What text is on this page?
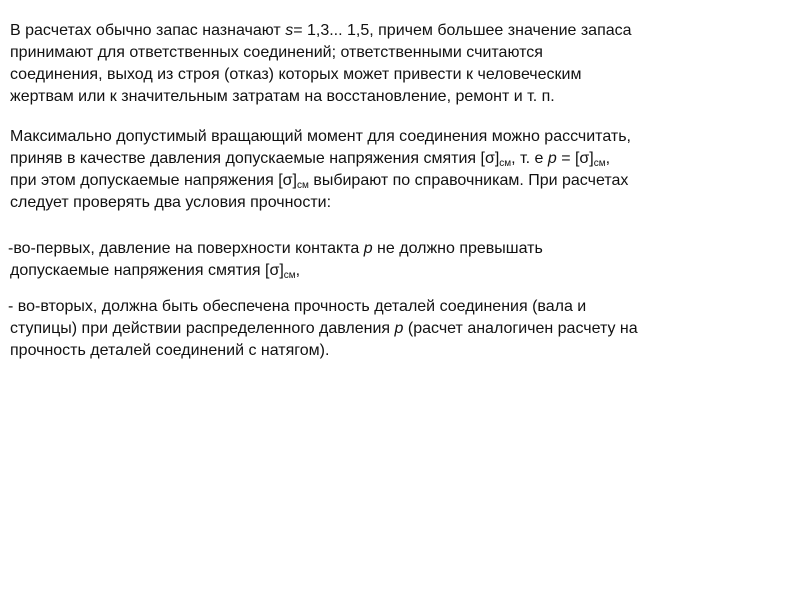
В расчетах обычно запас назначают s= 1,3... 1,5, причем большее значение запаса
принимают для ответственных соединений; ответственными считаются
соединения, выход из строя (отказ) которых может привести к человеческим
жертвам или к значительным затратам на восстановление, ремонт и т. п.
Максимально допустимый вращающий момент для соединения можно рассчитать,
приняв в качестве давления допускаемые напряжения смятия $[\sigma]_{см}$, т. е $p = [\sigma]_{см}$,
при этом допускаемые напряжения $[\sigma]_{см}$ выбирают по справочникам. При расчетах
следует проверять два условия прочности:
-во-первых, давление на поверхности контакта p не должно превышать
допускаемые напряжения смятия $[\sigma]_{см}$,
- во-вторых, должна быть обеспечена прочность деталей соединения (вала и
ступицы) при действии распределенного давления p (расчет аналогичен расчету на
прочность деталей соединений с натягом).
